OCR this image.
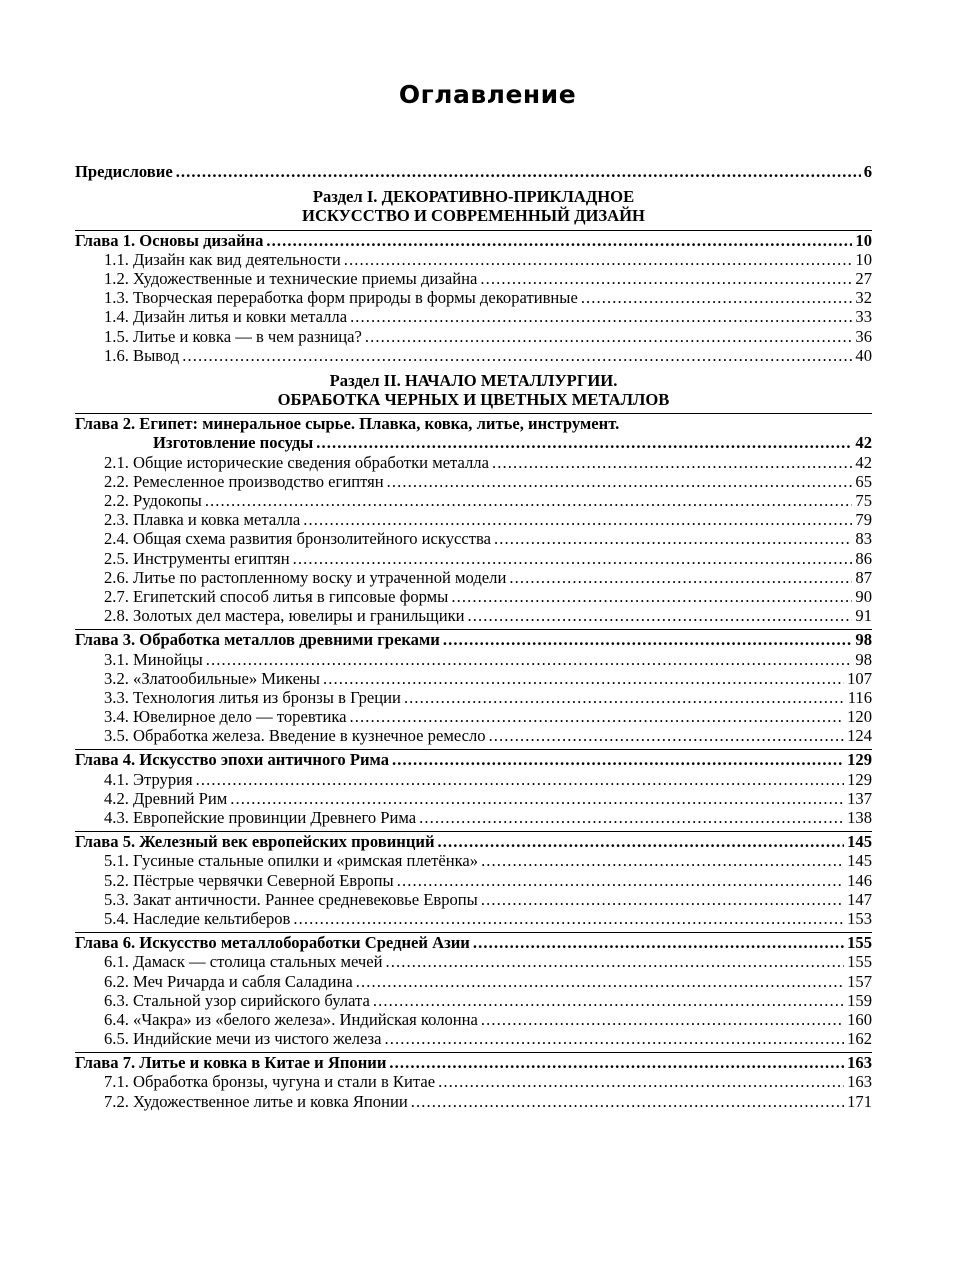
Оглавление
Предисловие .....	6
Раздел I. ДЕКОРАТИВНО-ПРИКЛАДНОЕ
ИСКУССТВО И СОВРЕМЕННЫЙ ДИЗАЙН
Глава 1. Основы дизайна .....	10
1.1. Дизайн как вид деятельности .....	10
1.2. Художественные и технические приемы дизайна .....	27
1.3. Творческая переработка форм природы в формы декоративные .....	32
1.4. Дизайн литья и ковки металла .....	33
1.5. Литье и ковка — в чем разница? .....	36
1.6. Вывод .....	40
Раздел II. НАЧАЛО МЕТАЛЛУРГИИ.
ОБРАБОТКА ЧЕРНЫХ И ЦВЕТНЫХ МЕТАЛЛОВ
Глава 2. Египет: минеральное сырье. Плавка, ковка, литье, инструмент.
Изготовление посуды .....	42
2.1. Общие исторические сведения обработки металла .....	42
2.2. Ремесленное производство египтян .....	65
2.2. Рудокопы .....	75
2.3. Плавка и ковка металла .....	79
2.4. Общая схема развития бронзолитейного искусства .....	83
2.5. Инструменты египтян .....	86
2.6. Литье по растопленному воску и утраченной модели .....	87
2.7. Египетский способ литья в гипсовые формы .....	90
2.8. Золотых дел мастера, ювелиры и гранильщики .....	91
Глава 3. Обработка металлов древними греками .....	98
3.1. Минойцы .....	98
3.2. «Златообильные» Микены .....	107
3.3. Технология литья из бронзы в Греции .....	116
3.4. Ювелирное дело — торевтика .....	120
3.5. Обработка железа. Введение в кузнечное ремесло .....	124
Глава 4. Искусство эпохи античного Рима .....	129
4.1. Этрурия .....	129
4.2. Древний Рим .....	137
4.3. Европейские провинции Древнего Рима .....	138
Глава 5. Железный век европейских провинций .....	145
5.1. Гусиные стальные опилки и «римская плетёнка» .....	145
5.2. Пёстрые червячки Северной Европы .....	146
5.3. Закат античности. Раннее средневековье Европы .....	147
5.4. Наследие кельтиберов .....	153
Глава 6. Искусство металлоборaботки Средней Азии .....	155
6.1. Дамаск — столица стальных мечей .....	155
6.2. Меч Ричарда и сабля Саладина .....	157
6.3. Стальной узор сирийского булата .....	159
6.4. «Чакра» из «белого железа». Индийская колонна .....	160
6.5. Индийские мечи из чистого железа .....	162
Глава 7. Литье и ковка в Китае и Японии .....	163
7.1. Обработка бронзы, чугуна и стали в Китае .....	163
7.2. Художественное литье и ковка Японии .....	171
